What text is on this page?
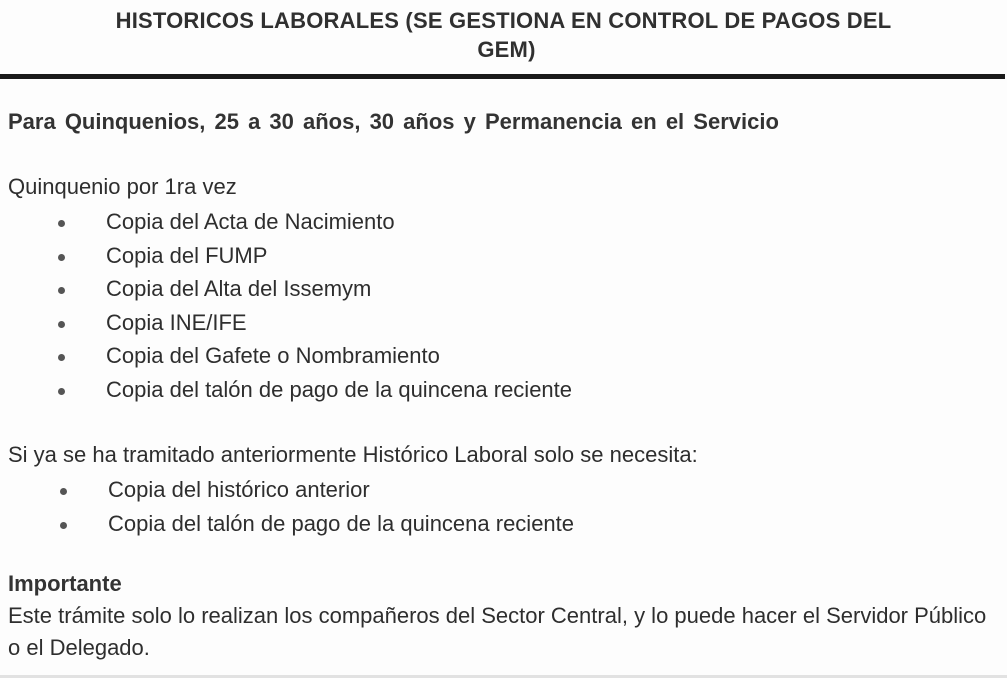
HISTORICOS LABORALES (SE GESTIONA EN CONTROL DE PAGOS DEL
GEM)
Para Quinquenios, 25 a 30 años, 30 años y Permanencia en el Servicio
Quinquenio por 1ra vez
Copia del Acta de Nacimiento
Copia del FUMP
Copia del Alta del Issemym
Copia INE/IFE
Copia del Gafete o Nombramiento
Copia del talón de pago de la quincena reciente
Si ya se ha tramitado anteriormente Histórico Laboral solo se necesita:
Copia del histórico anterior
Copia del talón de pago de la quincena reciente
Importante
Este trámite solo lo realizan los compañeros del Sector Central, y lo puede hacer el Servidor Público o el Delegado.
